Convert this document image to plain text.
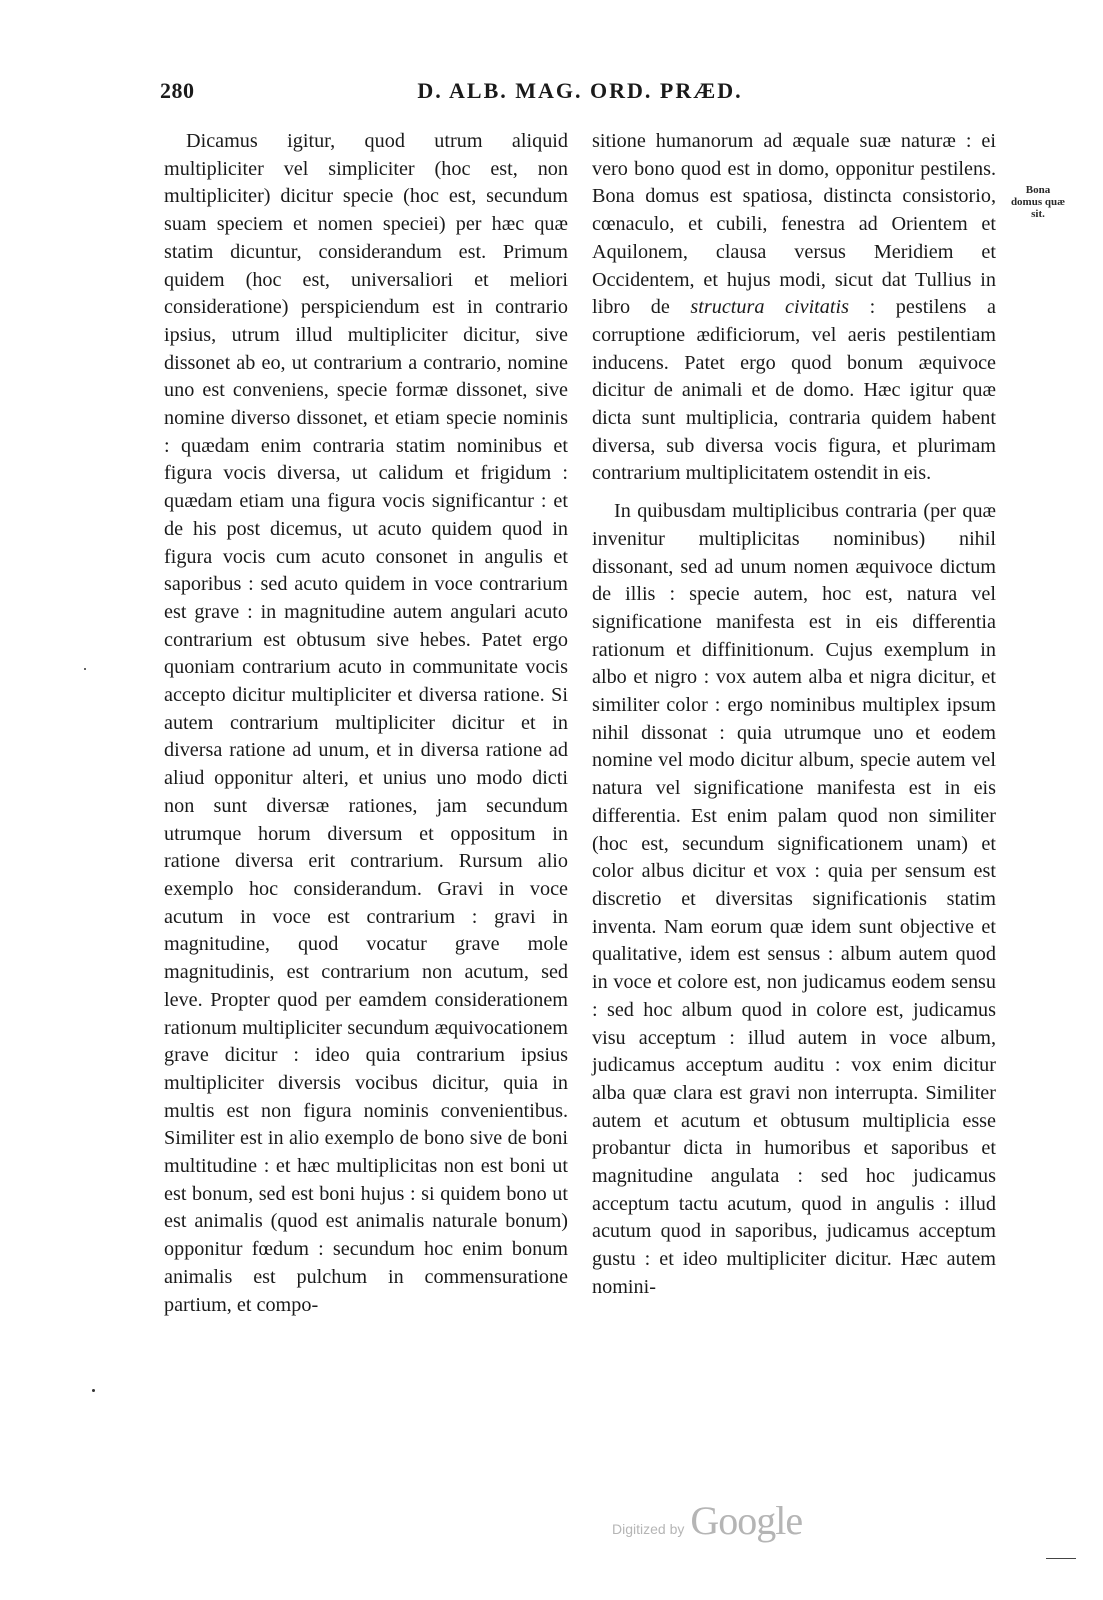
280	D. ALB. MAG. ORD. PRÆD.

Dicamus igitur, quod utrum aliquid multipliciter vel simpliciter (hoc est, non multipliciter) dicitur specie (hoc est, secundum suam speciem et nomen speciei) per hæc quæ statim dicuntur, considerandum est. Primum quidem (hoc est, universaliori et meliori consideratione) perspiciendum est in contrario ipsius, utrum illud multipliciter dicitur, sive dissonet ab eo, ut contrarium a contrario, nomine uno est conveniens, specie formæ dissonet, sive nomine diverso dissonet, et etiam specie nominis : quædam enim contraria statim nominibus et figura vocis diversa, ut calidum et frigidum : quædam etiam una figura vocis significantur : et de his post dicemus, ut acuto quidem quod in figura vocis cum acuto consonet in angulis et saporibus : sed acuto quidem in voce contrarium est grave : in magnitudine autem angulari acuto contrarium est obtusum sive hebes. Patet ergo quoniam contrarium acuto in communitate vocis accepto dicitur multipliciter et diversa ratione. Si autem contrarium multipliciter dicitur et in diversa ratione ad unum, et in diversa ratione ad aliud opponitur alteri, et unius uno modo dicti non sunt diversæ rationes, jam secundum utrumque horum diversum et oppositum in ratione diversa erit contrarium. Rursum alio exemplo hoc considerandum. Gravi in voce acutum in voce est contrarium : gravi in magnitudine, quod vocatur grave mole magnitudinis, est contrarium non acutum, sed leve. Propter quod per eamdem considerationem rationum multipliciter secundum æquivocationem grave dicitur : ideo quia contrarium ipsius multipliciter diversis vocibus dicitur, quia in multis est non figura nominis convenientibus. Similiter est in alio exemplo de bono sive de boni multitudine : et hæc multiplicitas non est boni ut est bonum, sed est boni hujus : si quidem bono ut est animalis (quod est animalis naturale bonum) opponitur fœdum : secundum hoc enim bonum animalis est pulchum in commensuratione partium, et compo-

sitione humanorum ad æquale suæ naturæ : ei vero bono quod est in domo, opponitur pestilens. Bona domus est spatiosa, distincta consistorio, cœnaculo, et cubili, fenestra ad Orientem et Aquilonem, clausa versus Meridiem et Occidentem, et hujus modi, sicut dat Tullius in libro de structura civitatis : pestilens a corruptione ædificiorum, vel aeris pestilentiam inducens. Patet ergo quod bonum æquivoce dicitur de animali et de domo. Hæc igitur quæ dicta sunt multiplicia, contraria quidem habent diversa, sub diversa vocis figura, et plurimam contrarium multiplicitatem ostendit in eis.

In quibusdam multiplicibus contraria (per quæ invenitur multiplicitas nominibus) nihil dissonant, sed ad unum nomen æquivoce dictum de illis : specie autem, hoc est, natura vel significatione manifesta est in eis differentia rationum et diffinitionum. Cujus exemplum in albo et nigro : vox autem alba et nigra dicitur, et similiter color : ergo nominibus multiplex ipsum nihil dissonat : quia utrumque uno et eodem nomine vel modo dicitur album, specie autem vel natura vel significatione manifesta est in eis differentia. Est enim palam quod non similiter (hoc est, secundum significationem unam) et color albus dicitur et vox : quia per sensum est discretio et diversitas significationis statim inventa. Nam eorum quæ idem sunt objective et qualitative, idem est sensus : album autem quod in voce et colore est, non judicamus eodem sensu : sed hoc album quod in colore est, judicamus visu acceptum : illud autem in voce album, judicamus acceptum auditu : vox enim dicitur alba quæ clara est gravi non interrupta. Similiter autem et acutum et obtusum multiplicia esse probantur dicta in humoribus et saporibus et magnitudine angulata : sed hoc judicamus acceptum tactu acutum, quod in angulis : illud acutum quod in saporibus, judicamus acceptum gustu : et ideo multipliciter dicitur. Hæc autem nomini-

Bona domus quæ sit.
Digitized by Google
